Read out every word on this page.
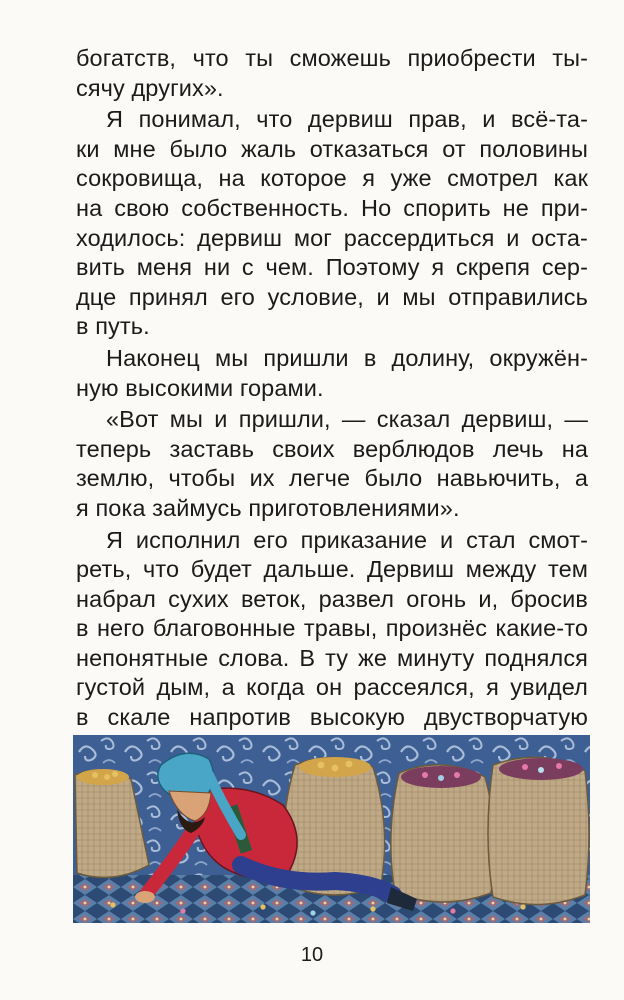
богатств, что ты сможешь приобрести ты-
сячу других».
Я понимал, что дервиш прав, и всё-та-
ки мне было жаль отказаться от половины
сокровища, на которое я уже смотрел как
на свою собственность. Но спорить не при-
ходилось: дервиш мог рассердиться и оста-
вить меня ни с чем. Поэтому я скрепя сер-
дце принял его условие, и мы отправились
в путь.
Наконец мы пришли в долину, окружён-
ную высокими горами.
«Вот мы и пришли, — сказал дервиш, —
теперь заставь своих верблюдов лечь на
землю, чтобы их легче было навьючить, а
я пока займусь приготовлениями».
Я исполнил его приказание и стал смот-
реть, что будет дальше. Дервиш между тем
набрал сухих веток, развел огонь и, бросив
в него благовонные травы, произнёс какие-то
непонятные слова. В ту же минуту поднялся
густой дым, а когда он рассеялся, я увидел
в скале напротив высокую двустворчатую
10
